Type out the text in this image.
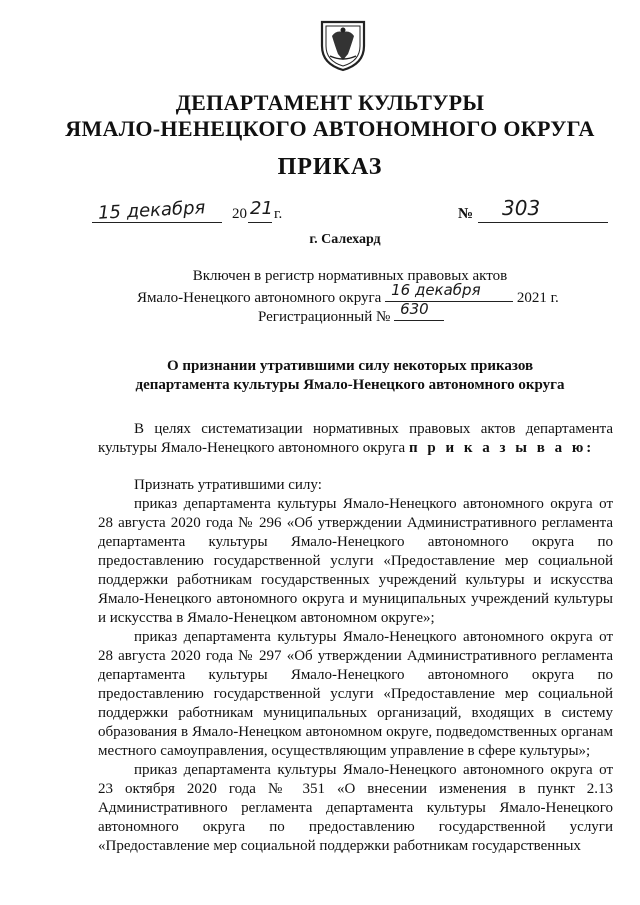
ДЕПАРТАМЕНТ КУЛЬТУРЫ
ЯМАЛО-НЕНЕЦКОГО АВТОНОМНОГО ОКРУГА
ПРИКАЗ
15 декабря 20 21 г.	№ 303
г. Салехард
Включен в регистр нормативных правовых актов
Ямало-Ненецкого автономного округа 16 декабря 2021 г.
Регистрационный № 630
О признании утратившими силу некоторых приказов
департамента культуры Ямало-Ненецкого автономного округа

В целях систематизации нормативных правовых актов департамента культуры Ямало-Ненецкого автономного округа п р и к а з ы в а ю:

Признать утратившими силу:

приказ департамента культуры Ямало-Ненецкого автономного округа от 28 августа 2020 года № 296 «Об утверждении Административного регламента департамента культуры Ямало-Ненецкого автономного округа по предоставлению государственной услуги «Предоставление мер социальной поддержки работникам государственных учреждений культуры и искусства Ямало-Ненецкого автономного округа и муниципальных учреждений культуры и искусства в Ямало-Ненецком автономном округе»;

приказ департамента культуры Ямало-Ненецкого автономного округа от 28 августа 2020 года № 297 «Об утверждении Административного регламента департамента культуры Ямало-Ненецкого автономного округа по предоставлению государственной услуги «Предоставление мер социальной поддержки работникам муниципальных организаций, входящих в систему образования в Ямало-Ненецком автономном округе, подведомственных органам местного самоуправления, осуществляющим управление в сфере культуры»;

приказ департамента культуры Ямало-Ненецкого автономного округа от 23 октября 2020 года № 351 «О внесении изменения в пункт 2.13 Административного регламента департамента культуры Ямало-Ненецкого автономного округа по предоставлению государственной услуги «Предоставление мер социальной поддержки работникам государственных
